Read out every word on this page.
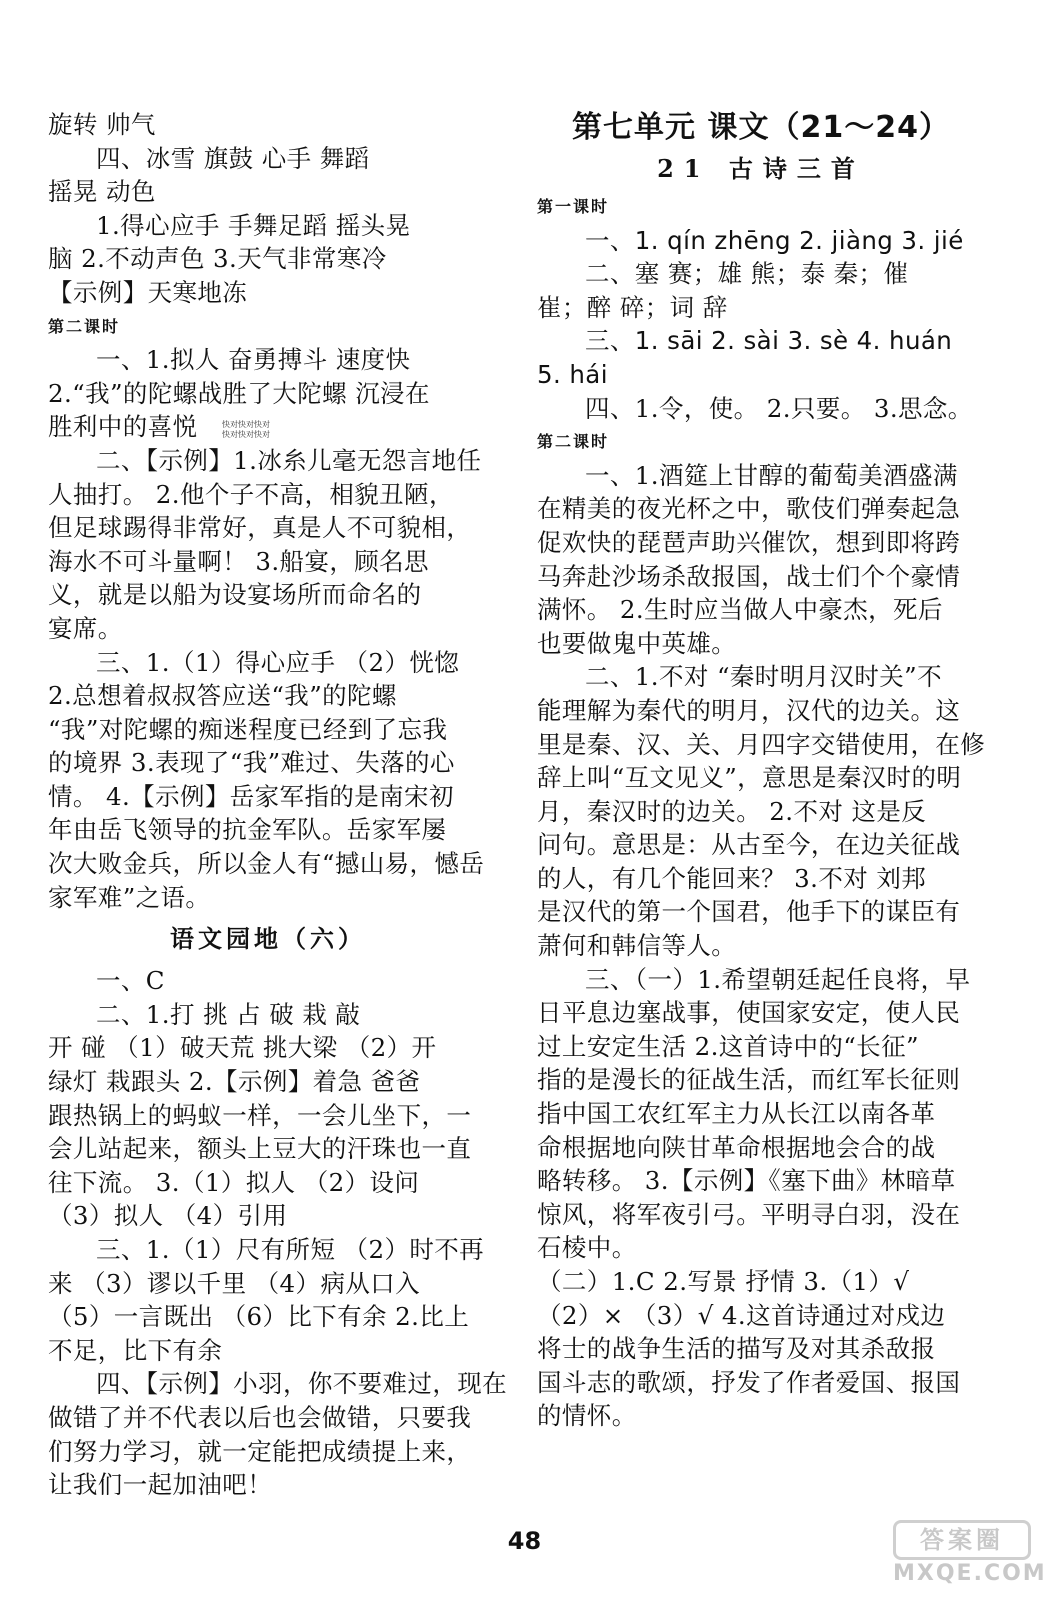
旋转 帅气
四、冰雪 旗鼓 心手 舞蹈
摇晃 动色
1.得心应手 手舞足蹈 摇头晃
脑 2.不动声色 3.天气非常寒冷
【示例】天寒地冻
第二课时
一、1.拟人 奋勇搏斗 速度快
2.“我”的陀螺战胜了大陀螺 沉浸在
胜利中的喜悦
二、【示例】1.冰糸儿毫无怨言地任
人抽打。 2.他个子不高，相貌丑陋，
但足球踢得非常好，真是人不可貌相，
海水不可斗量啊！ 3.船宴，顾名思
义，就是以船为设宴场所而命名的
宴席。
三、1.（1）得心应手 （2）恍惚
2.总想着叔叔答应送“我”的陀螺
“我”对陀螺的痴迷程度已经到了忘我
的境界 3.表现了“我”难过、失落的心
情。 4.【示例】岳家军指的是南宋初
年由岳飞领导的抗金军队。岳家军屡
次大败金兵，所以金人有“撼山易，憾岳
家军难”之语。
语文园地（六）
一、C
二、1.打 挑 占 破 栽 敲
开 碰 （1）破天荒 挑大梁 （2）开
绿灯 栽跟头 2.【示例】着急 爸爸
跟热锅上的蚂蚁一样，一会儿坐下，一
会儿站起来，额头上豆大的汗珠也一直
往下流。 3.（1）拟人 （2）设问
（3）拟人 （4）引用
三、1.（1）尺有所短 （2）时不再
来 （3）谬以千里 （4）病从口入
（5）一言既出 （6）比下有余 2.比上
不足，比下有余
四、【示例】小羽，你不要难过，现在
做错了并不代表以后也会做错，只要我
们努力学习，就一定能把成绩提上来，
让我们一起加油吧！
第七单元 课文（21～24）
21 古诗三首
第一课时
一、1. qín zhēng 2. jiàng 3. jié
二、塞 赛；雄 熊；泰 秦；催
崔；醉 碎；词 辞
三、1. sāi 2. sài 3. sè 4. huán
5. hái
四、1.令，使。 2.只要。 3.思念。
第二课时
一、1.酒筵上甘醇的葡萄美酒盛满
在精美的夜光杯之中，歌伎们弹奏起急
促欢快的琵琶声助兴催饮，想到即将跨
马奔赴沙场杀敌报国，战士们个个豪情
满怀。 2.生时应当做人中豪杰，死后
也要做鬼中英雄。
二、1.不对 “秦时明月汉时关”不
能理解为秦代的明月，汉代的边关。这
里是秦、汉、关、月四字交错使用，在修
辞上叫“互文见义”，意思是秦汉时的明
月，秦汉时的边关。 2.不对 这是反
问句。意思是：从古至今，在边关征战
的人，有几个能回来？ 3.不对 刘邦
是汉代的第一个国君，他手下的谋臣有
萧何和韩信等人。
三、（一）1.希望朝廷起任良将，早
日平息边塞战事，使国家安定，使人民
过上安定生活 2.这首诗中的“长征”
指的是漫长的征战生活，而红军长征则
指中国工农红军主力从长江以南各革
命根据地向陕甘革命根据地会合的战
略转移。 3.【示例】《塞下曲》林暗草
惊风，将军夜引弓。平明寻白羽，没在
石棱中。
（二）1.C 2.写景 抒情 3.（1）√
（2）× （3）√ 4.这首诗通过对戍边
将士的战争生活的描写及对其杀敌报
国斗志的歌颂，抒发了作者爱国、报国
的情怀。
快对快对快对
快对快对快对
48	答案圈
MXQE.COM
